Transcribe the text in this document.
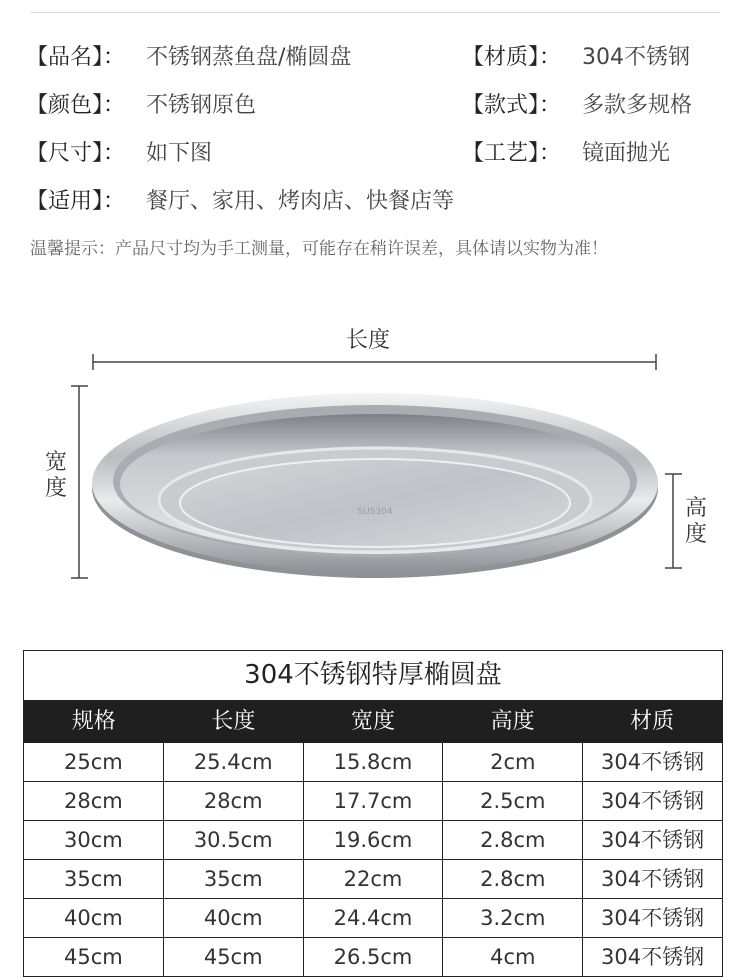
【品名】： 不锈钢蒸鱼盘/椭圆盘	【材质】： 304不锈钢
【颜色】： 不锈钢原色	【款式】： 多款多规格
【尺寸】： 如下图	【工艺】： 镜面抛光
【适用】： 餐厅、家用、烤肉店、快餐店等
温馨提示：产品尺寸均为手工测量，可能存在稍许误差，具体请以实物为准！
长度
宽
度
高
度
SUS304
304不锈钢特厚椭圆盘
规格	长度	宽度	高度	材质
25cm	25.4cm	15.8cm	2cm	304不锈钢
28cm	28cm	17.7cm	2.5cm	304不锈钢
30cm	30.5cm	19.6cm	2.8cm	304不锈钢
35cm	35cm	22cm	2.8cm	304不锈钢
40cm	40cm	24.4cm	3.2cm	304不锈钢
45cm	45cm	26.5cm	4cm	304不锈钢
